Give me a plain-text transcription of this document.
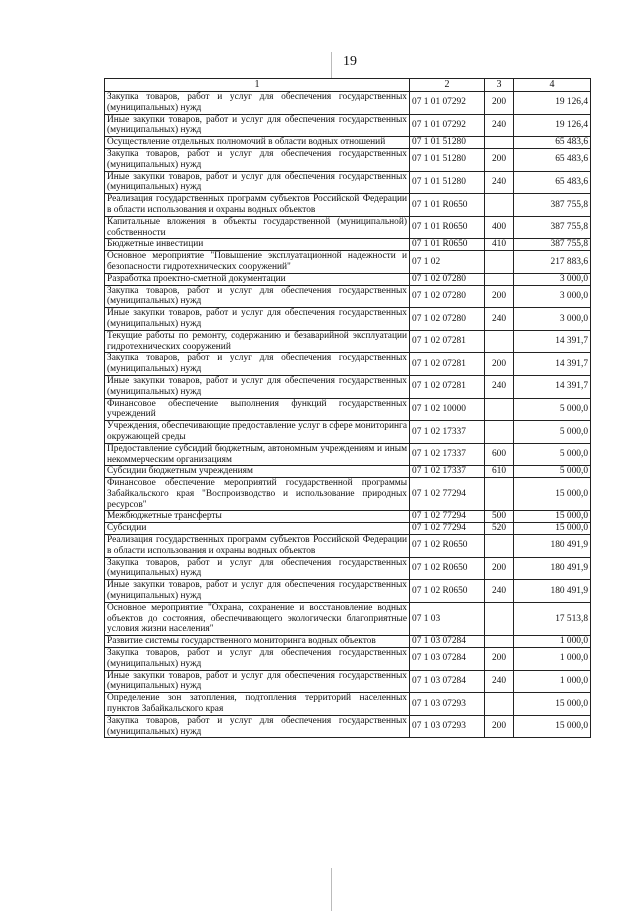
19
1	2	3	4
Закупка товаров, работ и услуг для обеспечения государственных (муниципальных) нужд	07 1 01 07292	200	19 126,4
Иные закупки товаров, работ и услуг для обеспечения государственных (муниципальных) нужд	07 1 01 07292	240	19 126,4
Осуществление отдельных полномочий в области водных отношений	07 1 01 51280		65 483,6
Закупка товаров, работ и услуг для обеспечения государственных (муниципальных) нужд	07 1 01 51280	200	65 483,6
Иные закупки товаров, работ и услуг для обеспечения государственных (муниципальных) нужд	07 1 01 51280	240	65 483,6
Реализация государственных программ субъектов Российской Федерации в области использования и охраны водных объектов	07 1 01 R0650		387 755,8
Капитальные вложения в объекты государственной (муниципальной) собственности	07 1 01 R0650	400	387 755,8
Бюджетные инвестиции	07 1 01 R0650	410	387 755,8
Основное мероприятие "Повышение эксплуатационной надежности и безопасности гидротехнических сооружений"	07 1 02		217 883,6
Разработка проектно-сметной документации	07 1 02 07280		3 000,0
Закупка товаров, работ и услуг для обеспечения государственных (муниципальных) нужд	07 1 02 07280	200	3 000,0
Иные закупки товаров, работ и услуг для обеспечения государственных (муниципальных) нужд	07 1 02 07280	240	3 000,0
Текущие работы по ремонту, содержанию и безаварийной эксплуатации гидротехнических сооружений	07 1 02 07281		14 391,7
Закупка товаров, работ и услуг для обеспечения государственных (муниципальных) нужд	07 1 02 07281	200	14 391,7
Иные закупки товаров, работ и услуг для обеспечения государственных (муниципальных) нужд	07 1 02 07281	240	14 391,7
Финансовое обеспечение выполнения функций государственных учреждений	07 1 02 10000		5 000,0
Учреждения, обеспечивающие предоставление услуг в сфере мониторинга окружающей среды	07 1 02 17337		5 000,0
Предоставление субсидий бюджетным, автономным учреждениям и иным некоммерческим организациям	07 1 02 17337	600	5 000,0
Субсидии бюджетным учреждениям	07 1 02 17337	610	5 000,0
Финансовое обеспечение мероприятий государственной программы Забайкальского края "Воспроизводство и использование природных ресурсов"	07 1 02 77294		15 000,0
Межбюджетные трансферты	07 1 02 77294	500	15 000,0
Субсидии	07 1 02 77294	520	15 000,0
Реализация государственных программ субъектов Российской Федерации в области использования и охраны водных объектов	07 1 02 R0650		180 491,9
Закупка товаров, работ и услуг для обеспечения государственных (муниципальных) нужд	07 1 02 R0650	200	180 491,9
Иные закупки товаров, работ и услуг для обеспечения государственных (муниципальных) нужд	07 1 02 R0650	240	180 491,9
Основное мероприятие "Охрана, сохранение и восстановление водных объектов до состояния, обеспечивающего экологически благоприятные условия жизни населения"	07 1 03		17 513,8
Развитие системы государственного мониторинга водных объектов	07 1 03 07284		1 000,0
Закупка товаров, работ и услуг для обеспечения государственных (муниципальных) нужд	07 1 03 07284	200	1 000,0
Иные закупки товаров, работ и услуг для обеспечения государственных (муниципальных) нужд	07 1 03 07284	240	1 000,0
Определение зон затопления, подтопления территорий населенных пунктов Забайкальского края	07 1 03 07293		15 000,0
Закупка товаров, работ и услуг для обеспечения государственных (муниципальных) нужд	07 1 03 07293	200	15 000,0
